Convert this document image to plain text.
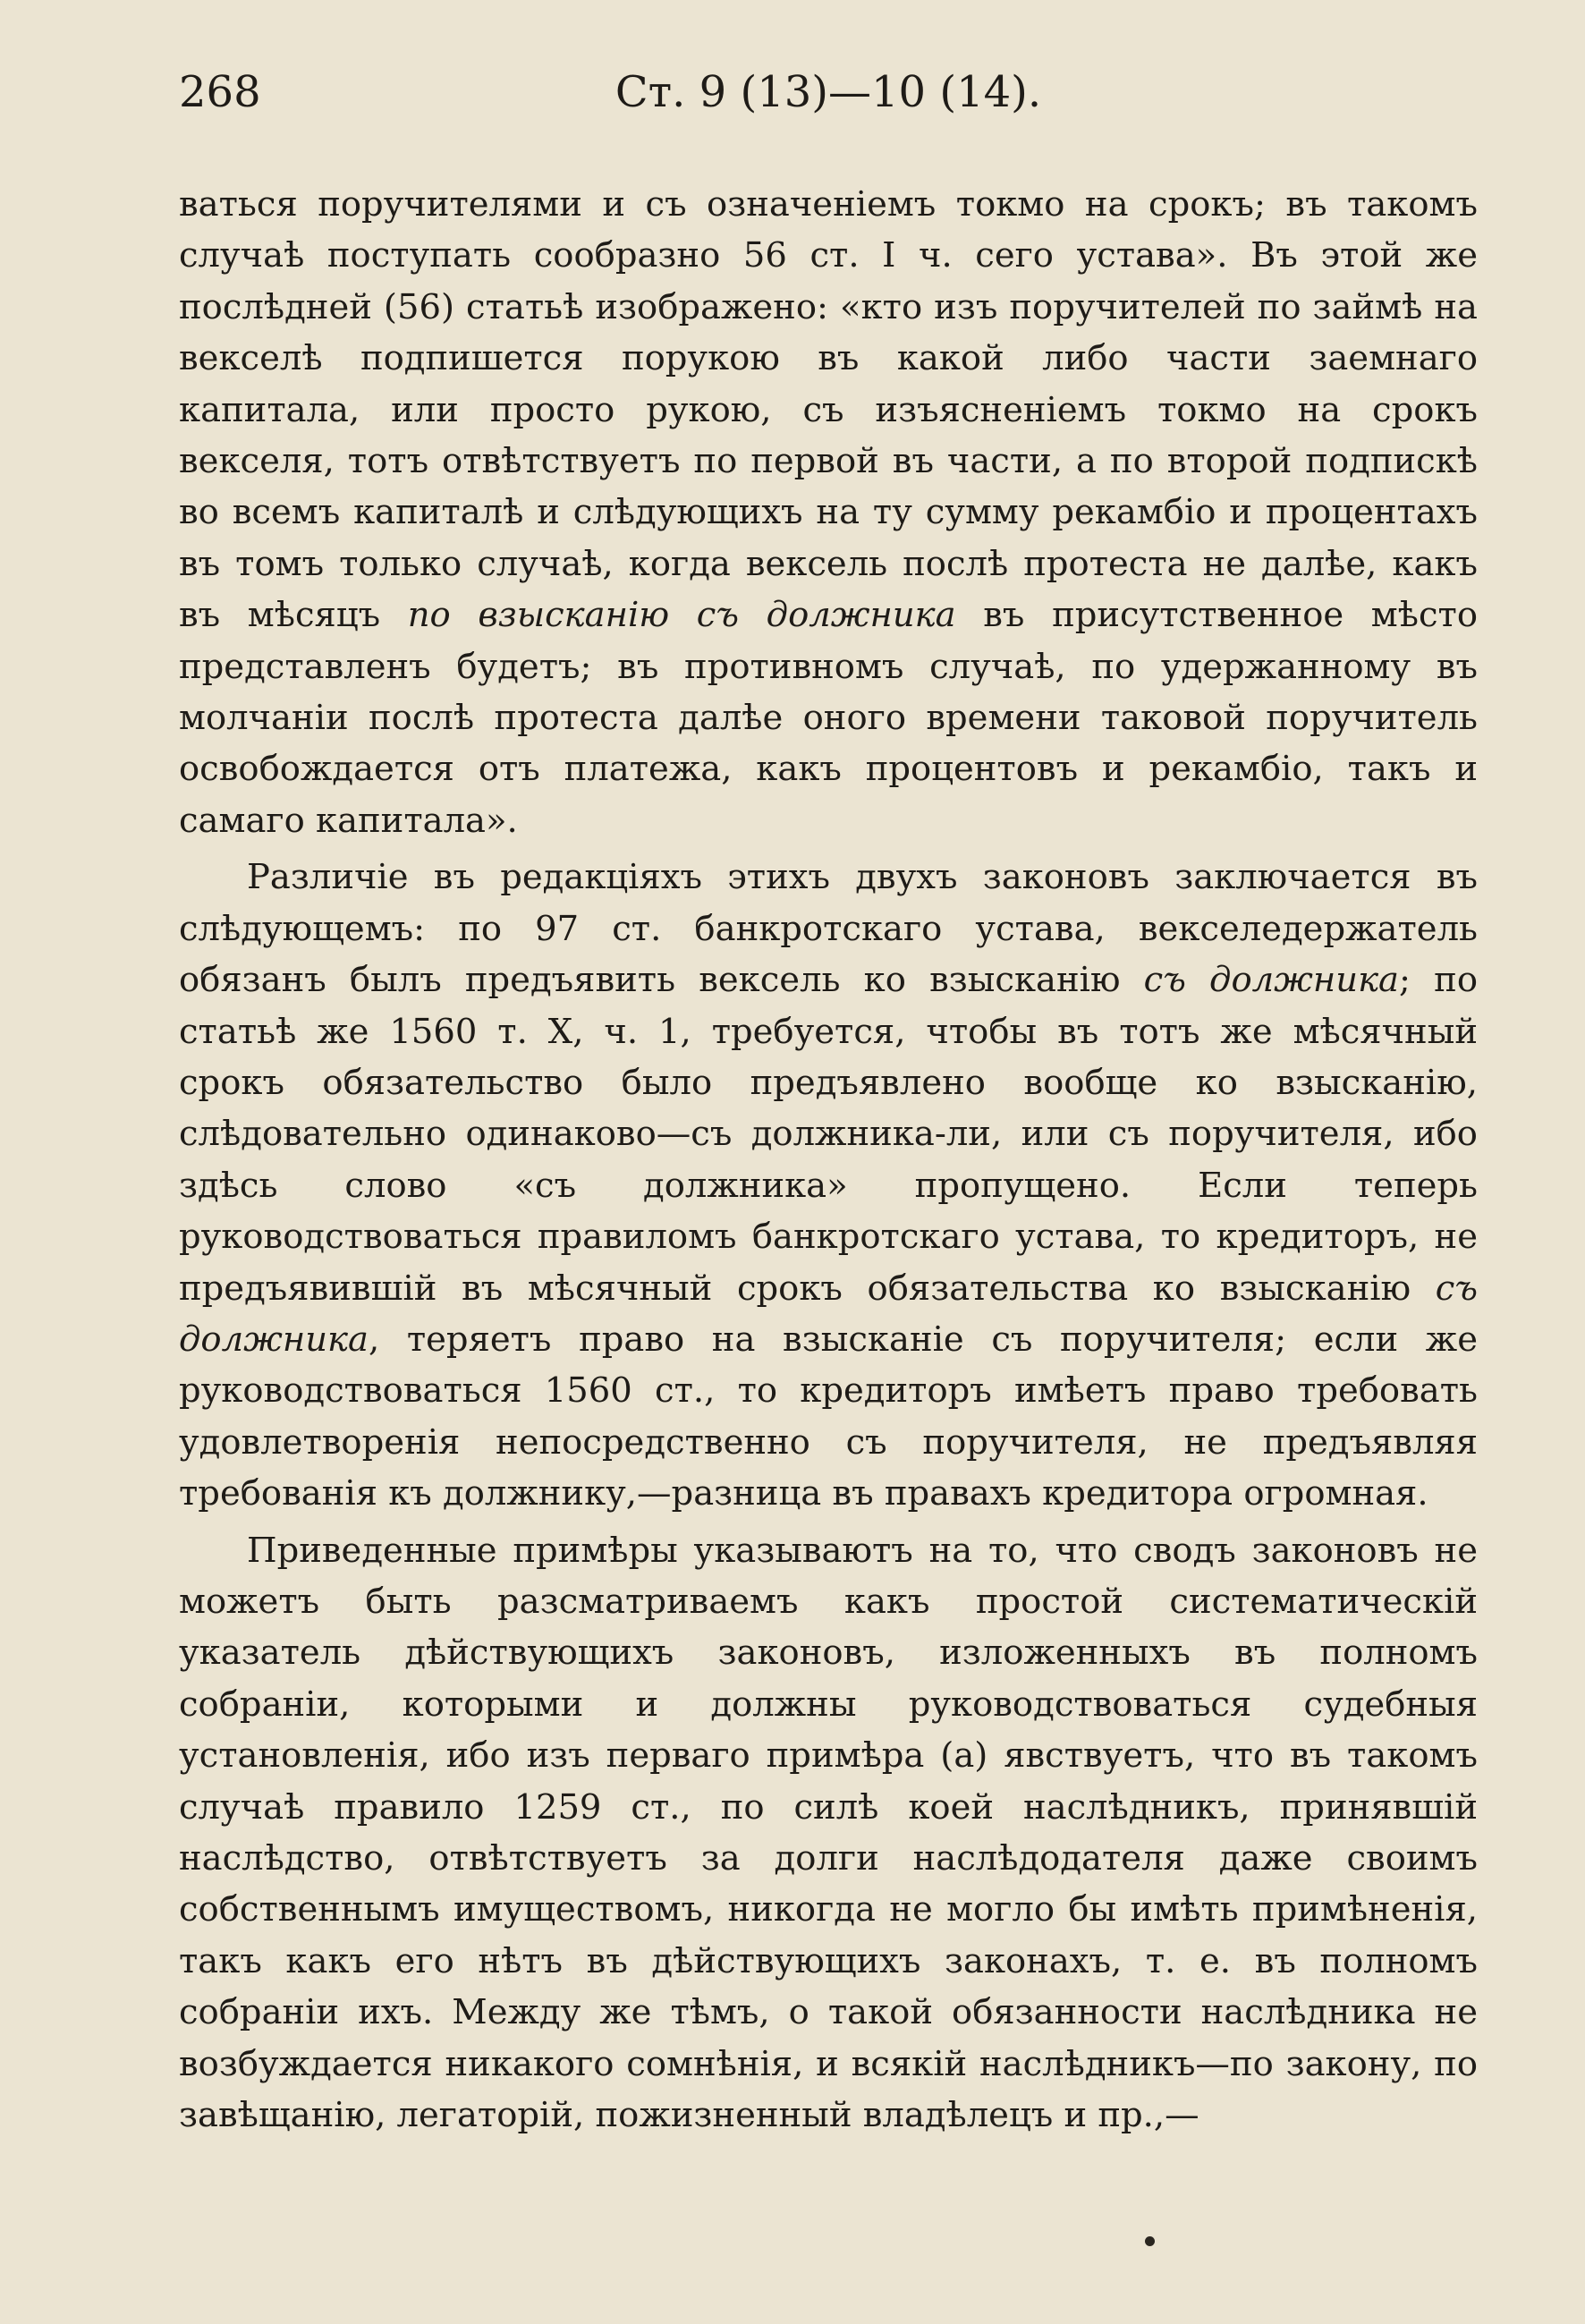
268	Ст. 9 (13)—10 (14).

ваться поручителями и съ означеніемъ токмо на срокъ; въ такомъ случаѣ поступать сообразно 56 ст. I ч. сего устава». Въ этой же послѣдней (56) статьѣ изображено: «кто изъ поручителей по займѣ на векселѣ подпишется порукою въ какой либо части заемнаго капитала, или просто рукою, съ изъясненіемъ токмо на срокъ векселя, тотъ отвѣтствуетъ по первой въ части, а по второй подпискѣ во всемъ капиталѣ и слѣдующихъ на ту сумму рекамбіо и процентахъ въ томъ только случаѣ, когда вексель послѣ протеста не далѣе, какъ въ мѣсяцъ по взысканію съ должника въ присутственное мѣсто представленъ будетъ; въ противномъ случаѣ, по удержанному въ молчаніи послѣ протеста далѣе оного времени таковой поручитель освобождается отъ платежа, какъ процентовъ и рекамбіо, такъ и самаго капитала».

Различіе въ редакціяхъ этихъ двухъ законовъ заключается въ слѣдующемъ: по 97 ст. банкротскаго устава, векселедержатель обязанъ былъ предъявить вексель ко взысканію съ должника; по статьѣ же 1560 т. X, ч. 1, требуется, чтобы въ тотъ же мѣсячный срокъ обязательство было предъявлено вообще ко взысканію, слѣдовательно одинаково—съ должника-ли, или съ поручителя, ибо здѣсь слово «съ должника» пропущено. Если теперь руководствоваться правиломъ банкротскаго устава, то кредиторъ, не предъявившій въ мѣсячный срокъ обязательства ко взысканію съ должника, теряетъ право на взысканіе съ поручителя; если же руководствоваться 1560 ст., то кредиторъ имѣетъ право требовать удовлетворенія непосредственно съ поручителя, не предъявляя требованія къ должнику,—разница въ правахъ кредитора огромная.

Приведенные примѣры указываютъ на то, что сводъ законовъ не можетъ быть разсматриваемъ какъ простой систематическій указатель дѣйствующихъ законовъ, изложенныхъ въ полномъ собраніи, которыми и должны руководствоваться судебныя установленія, ибо изъ перваго примѣра (а) явствуетъ, что въ такомъ случаѣ правило 1259 ст., по силѣ коей наслѣдникъ, принявшій наслѣдство, отвѣтствуетъ за долги наслѣдодателя даже своимъ собственнымъ имуществомъ, никогда не могло бы имѣть примѣненія, такъ какъ его нѣтъ въ дѣйствующихъ законахъ, т. е. въ полномъ собраніи ихъ. Между же тѣмъ, о такой обязанности наслѣдника не возбуждается никакого сомнѣнія, и всякій наслѣдникъ—по закону, по завѣщанію, легаторій, пожизненный владѣлецъ и пр.,—
